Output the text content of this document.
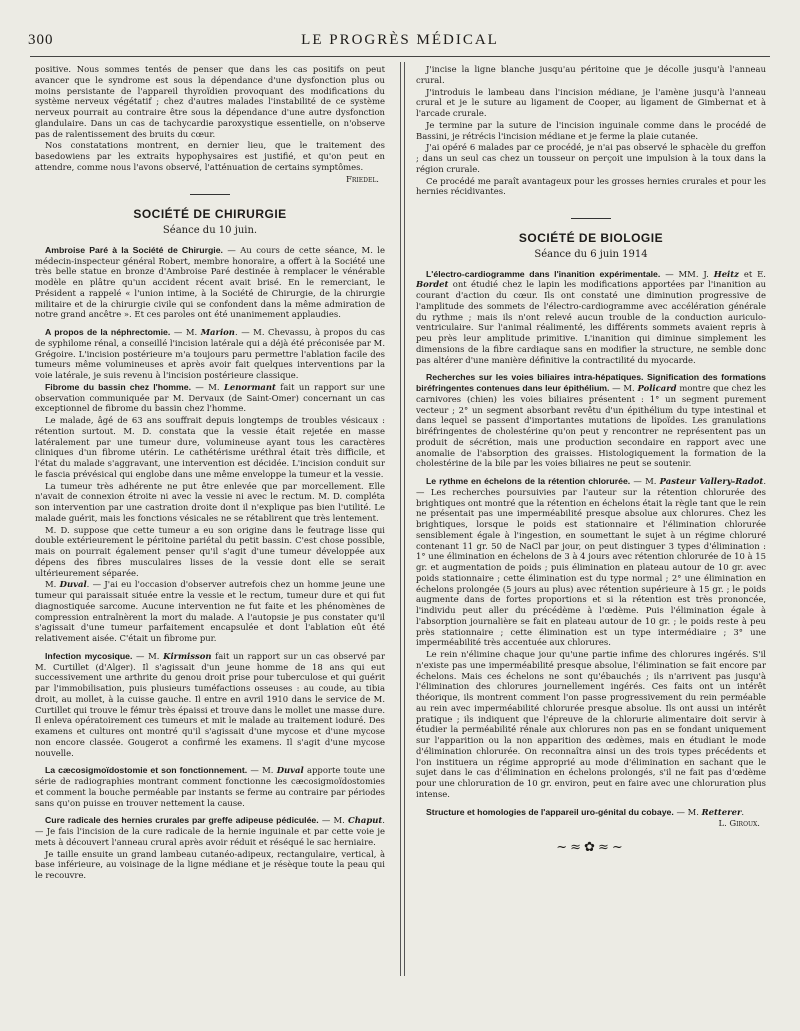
300	LE PROGRÈS MÉDICAL

positive. Nous sommes tentés de penser que dans les cas positifs on peut avancer que le syndrome est sous la dépendance d'une dysfonction plus ou moins persistante de l'appareil thyroïdien provoquant des modifications du système nerveux végétatif ; chez d'autres malades l'instabilité de ce système nerveux pourrait au contraire être sous la dépendance d'une autre dysfonction glandulaire. Dans un cas de tachycardie paroxystique essentielle, on n'observe pas de ralentissement des bruits du cœur.

Nos constatations montrent, en dernier lieu, que le traitement des basedowiens par les extraits hypophysaires est justifié, et qu'on peut en attendre, comme nous l'avons observé, l'atténuation de certains symptômes.

Friedel.
SOCIÉTÉ DE CHIRURGIE
Séance du 10 juin.

Ambroise Paré à la Société de Chirurgie. — Au cours de cette séance, M. le médecin-inspecteur général Robert, membre honoraire, a offert à la Société une très belle statue en bronze d'Ambroise Paré destinée à remplacer le vénérable modèle en plâtre qu'un accident récent avait brisé. En le remerciant, le Président a rappelé « l'union intime, à la Société de Chirurgie, de la chirurgie militaire et de la chirurgie civile qui se confondent dans la même admiration de notre grand ancêtre ». Et ces paroles ont été unanimement applaudies.

A propos de la néphrectomie. — M. Marion. — M. Chevassu, à propos du cas de syphilome rénal, a conseillé l'incision latérale qui a déjà été préconisée par M. Grégoire. L'incision postérieure m'a toujours paru permettre l'ablation facile des tumeurs même volumineuses et après avoir fait quelques interventions par la voie latérale, je suis revenu à l'incision postérieure classique.

Fibrome du bassin chez l'homme. — M. Lenormant fait un rapport sur une observation communiquée par M. Dervaux (de Saint-Omer) concernant un cas exceptionnel de fibrome du bassin chez l'homme.

Le malade, âgé de 63 ans souffrait depuis longtemps de troubles vésicaux : rétention surtout. M. D. constata que la vessie était rejetée en masse latéralement par une tumeur dure, volumineuse ayant tous les caractères cliniques d'un fibrome utérin. Le cathétérisme uréthral était très difficile, et l'état du malade s'aggravant, une intervention est décidée. L'incision conduit sur le fascia prévésical qui englobe dans une même enveloppe la tumeur et la vessie.

La tumeur très adhérente ne put être enlevée que par morcellement. Elle n'avait de connexion étroite ni avec la vessie ni avec le rectum. M. D. compléta son intervention par une castration droite dont il n'explique pas bien l'utilité. Le malade guérit, mais les fonctions vésicales ne se rétablirent que très lentement.

M. D. suppose que cette tumeur a eu son origine dans le feutrage lisse qui double extérieurement le péritoine pariétal du petit bassin. C'est chose possible, mais on pourrait également penser qu'il s'agit d'une tumeur développée aux dépens des fibres musculaires lisses de la vessie dont elle se serait ultérieurement séparée.

M. Duval. — J'ai eu l'occasion d'observer autrefois chez un homme jeune une tumeur qui paraissait située entre la vessie et le rectum, tumeur dure et qui fut diagnostiquée sarcome. Aucune intervention ne fut faite et les phénomènes de compression entraînèrent la mort du malade. A l'autopsie je pus constater qu'il s'agissait d'une tumeur parfaitement encapsulée et dont l'ablation eût été relativement aisée. C'était un fibrome pur.

Infection mycosique. — M. Kirmisson fait un rapport sur un cas observé par M. Curtillet (d'Alger). Il s'agissait d'un jeune homme de 18 ans qui eut successivement une arthrite du genou droit prise pour tuberculose et qui guérit par l'immobilisation, puis plusieurs tuméfactions osseuses : au coude, au tibia droit, au mollet, à la cuisse gauche. Il entre en avril 1910 dans le service de M. Curtillet qui trouve le fémur très épaissi et trouve dans le mollet une masse dure. Il enleva opératoirement ces tumeurs et mit le malade au traitement ioduré. Des examens et cultures ont montré qu'il s'agissait d'une mycose et d'une mycose non encore classée. Gougerot a confirmé les examens. Il s'agit d'une mycose nouvelle.

La cæcosigmoïdostomie et son fonctionnement. — M. Duval apporte toute une série de radiographies montrant comment fonctionne les cæcosigmoïdostomies et comment la bouche perméable par instants se ferme au contraire par périodes sans qu'on puisse en trouver nettement la cause.

Cure radicale des hernies crurales par greffe adipeuse pédiculée. — M. Chaput. — Je fais l'incision de la cure radicale de la hernie inguinale et par cette voie je mets à découvert l'anneau crural après avoir réduit et réséqué le sac herniaire.

Je taille ensuite un grand lambeau cutanéo-adipeux, rectangulaire, vertical, à base inférieure, au voisinage de la ligne médiane et je résèque toute la peau qui le recouvre.

J'incise la ligne blanche jusqu'au péritoine que je décolle jusqu'à l'anneau crural.

J'introduis le lambeau dans l'incision médiane, je l'amène jusqu'à l'anneau crural et je le suture au ligament de Cooper, au ligament de Gimbernat et à l'arcade crurale.

Je termine par la suture de l'incision inguinale comme dans le procédé de Bassini, je rétrécis l'incision médiane et je ferme la plaie cutanée.

J'ai opéré 6 malades par ce procédé, je n'ai pas observé le sphacèle du greffon ; dans un seul cas chez un tousseur on perçoit une impulsion à la toux dans la région crurale.

Ce procédé me paraît avantageux pour les grosses hernies crurales et pour les hernies récidivantes.

SOCIÉTÉ DE BIOLOGIE
Séance du 6 juin 1914

L'électro-cardiogramme dans l'inanition expérimentale. — MM. J. Heitz et E. Bordet ont étudié chez le lapin les modifications apportées par l'inanition au courant d'action du cœur. Ils ont constaté une diminution progressive de l'amplitude des sommets de l'électro-cardiogramme avec accélération générale du rythme ; mais ils n'ont relevé aucun trouble de la conduction auriculo-ventriculaire. Sur l'animal réalimenté, les différents sommets avaient repris à peu près leur amplitude primitive. L'inanition qui diminue simplement les dimensions de la fibre cardiaque sans en modifier la structure, ne semble donc pas altérer d'une manière définitive la contractilité du myocarde.

Recherches sur les voies biliaires intra-hépatiques. Signification des formations biréfringentes contenues dans leur épithélium. — M. Policard montre que chez les carnivores (chien) les voies biliaires présentent : 1° un segment purement vecteur ; 2° un segment absorbant revêtu d'un épithélium du type intestinal et dans lequel se passent d'importantes mutations de lipoïdes. Les granulations biréfringentes de cholestérine qu'on peut y rencontrer ne représentent pas un produit de sécrétion, mais une production secondaire en rapport avec une anomalie de l'absorption des graisses. Histologiquement la formation de la cholestérine de la bile par les voies biliaires ne peut se soutenir.

Le rythme en échelons de la rétention chlorurée. — M. Pasteur Vallery-Radot. — Les recherches poursuivies par l'auteur sur la rétention chlorurée des brightiques ont montré que la rétention en échelons était la règle tant que le rein ne présentait pas une imperméabilité presque absolue aux chlorures. Chez les brightiques, lorsque le poids est stationnaire et l'élimination chlorurée sensiblement égale à l'ingestion, en soumettant le sujet à un régime chloruré contenant 11 gr. 50 de NaCl par jour, on peut distinguer 3 types d'élimination : 1° une élimination en échelons de 3 à 4 jours avec rétention chlorurée de 10 à 15 gr. et augmentation de poids ; puis élimination en plateau autour de 10 gr. avec poids stationnaire ; cette élimination est du type normal ; 2° une élimination en échelons prolongée (5 jours au plus) avec rétention supérieure à 15 gr. ; le poids augmente dans de fortes proportions et si la rétention est très prononcée, l'individu peut aller du précédème à l'œdème. Puis l'élimination égale à l'absorption journalière se fait en plateau autour de 10 gr. ; le poids reste à peu près stationnaire ; cette élimination est un type intermédiaire ; 3° une imperméabilité très accentuée aux chlorures.

Le rein n'élimine chaque jour qu'une partie infime des chlorures ingérés. S'il n'existe pas une imperméabilité presque absolue, l'élimination se fait encore par échelons. Mais ces échelons ne sont qu'ébauchés ; ils n'arrivent pas jusqu'à l'élimination des chlorures journellement ingérés. Ces faits ont un intérêt théorique, ils montrent comment l'on passe progressivement du rein perméable au rein avec imperméabilité chlorurée presque absolue. Ils ont aussi un intérêt pratique ; ils indiquent que l'épreuve de la chlorurie alimentaire doit servir à étudier la perméabilité rénale aux chlorures non pas en se fondant uniquement sur l'apparition ou la non apparition des œdèmes, mais en étudiant le mode d'élimination chlorurée. On reconnaîtra ainsi un des trois types précédents et l'on instituera un régime approprié au mode d'élimination en sachant que le sujet dans le cas d'élimination en échelons prolongés, s'il ne fait pas d'œdème pour une chloruration de 10 gr. environ, peut en faire avec une chloruration plus intense.

Structure et homologies de l'appareil uro-génital du cobaye. — M. Retterer.

L. Giroux.
~≈✿≈~
